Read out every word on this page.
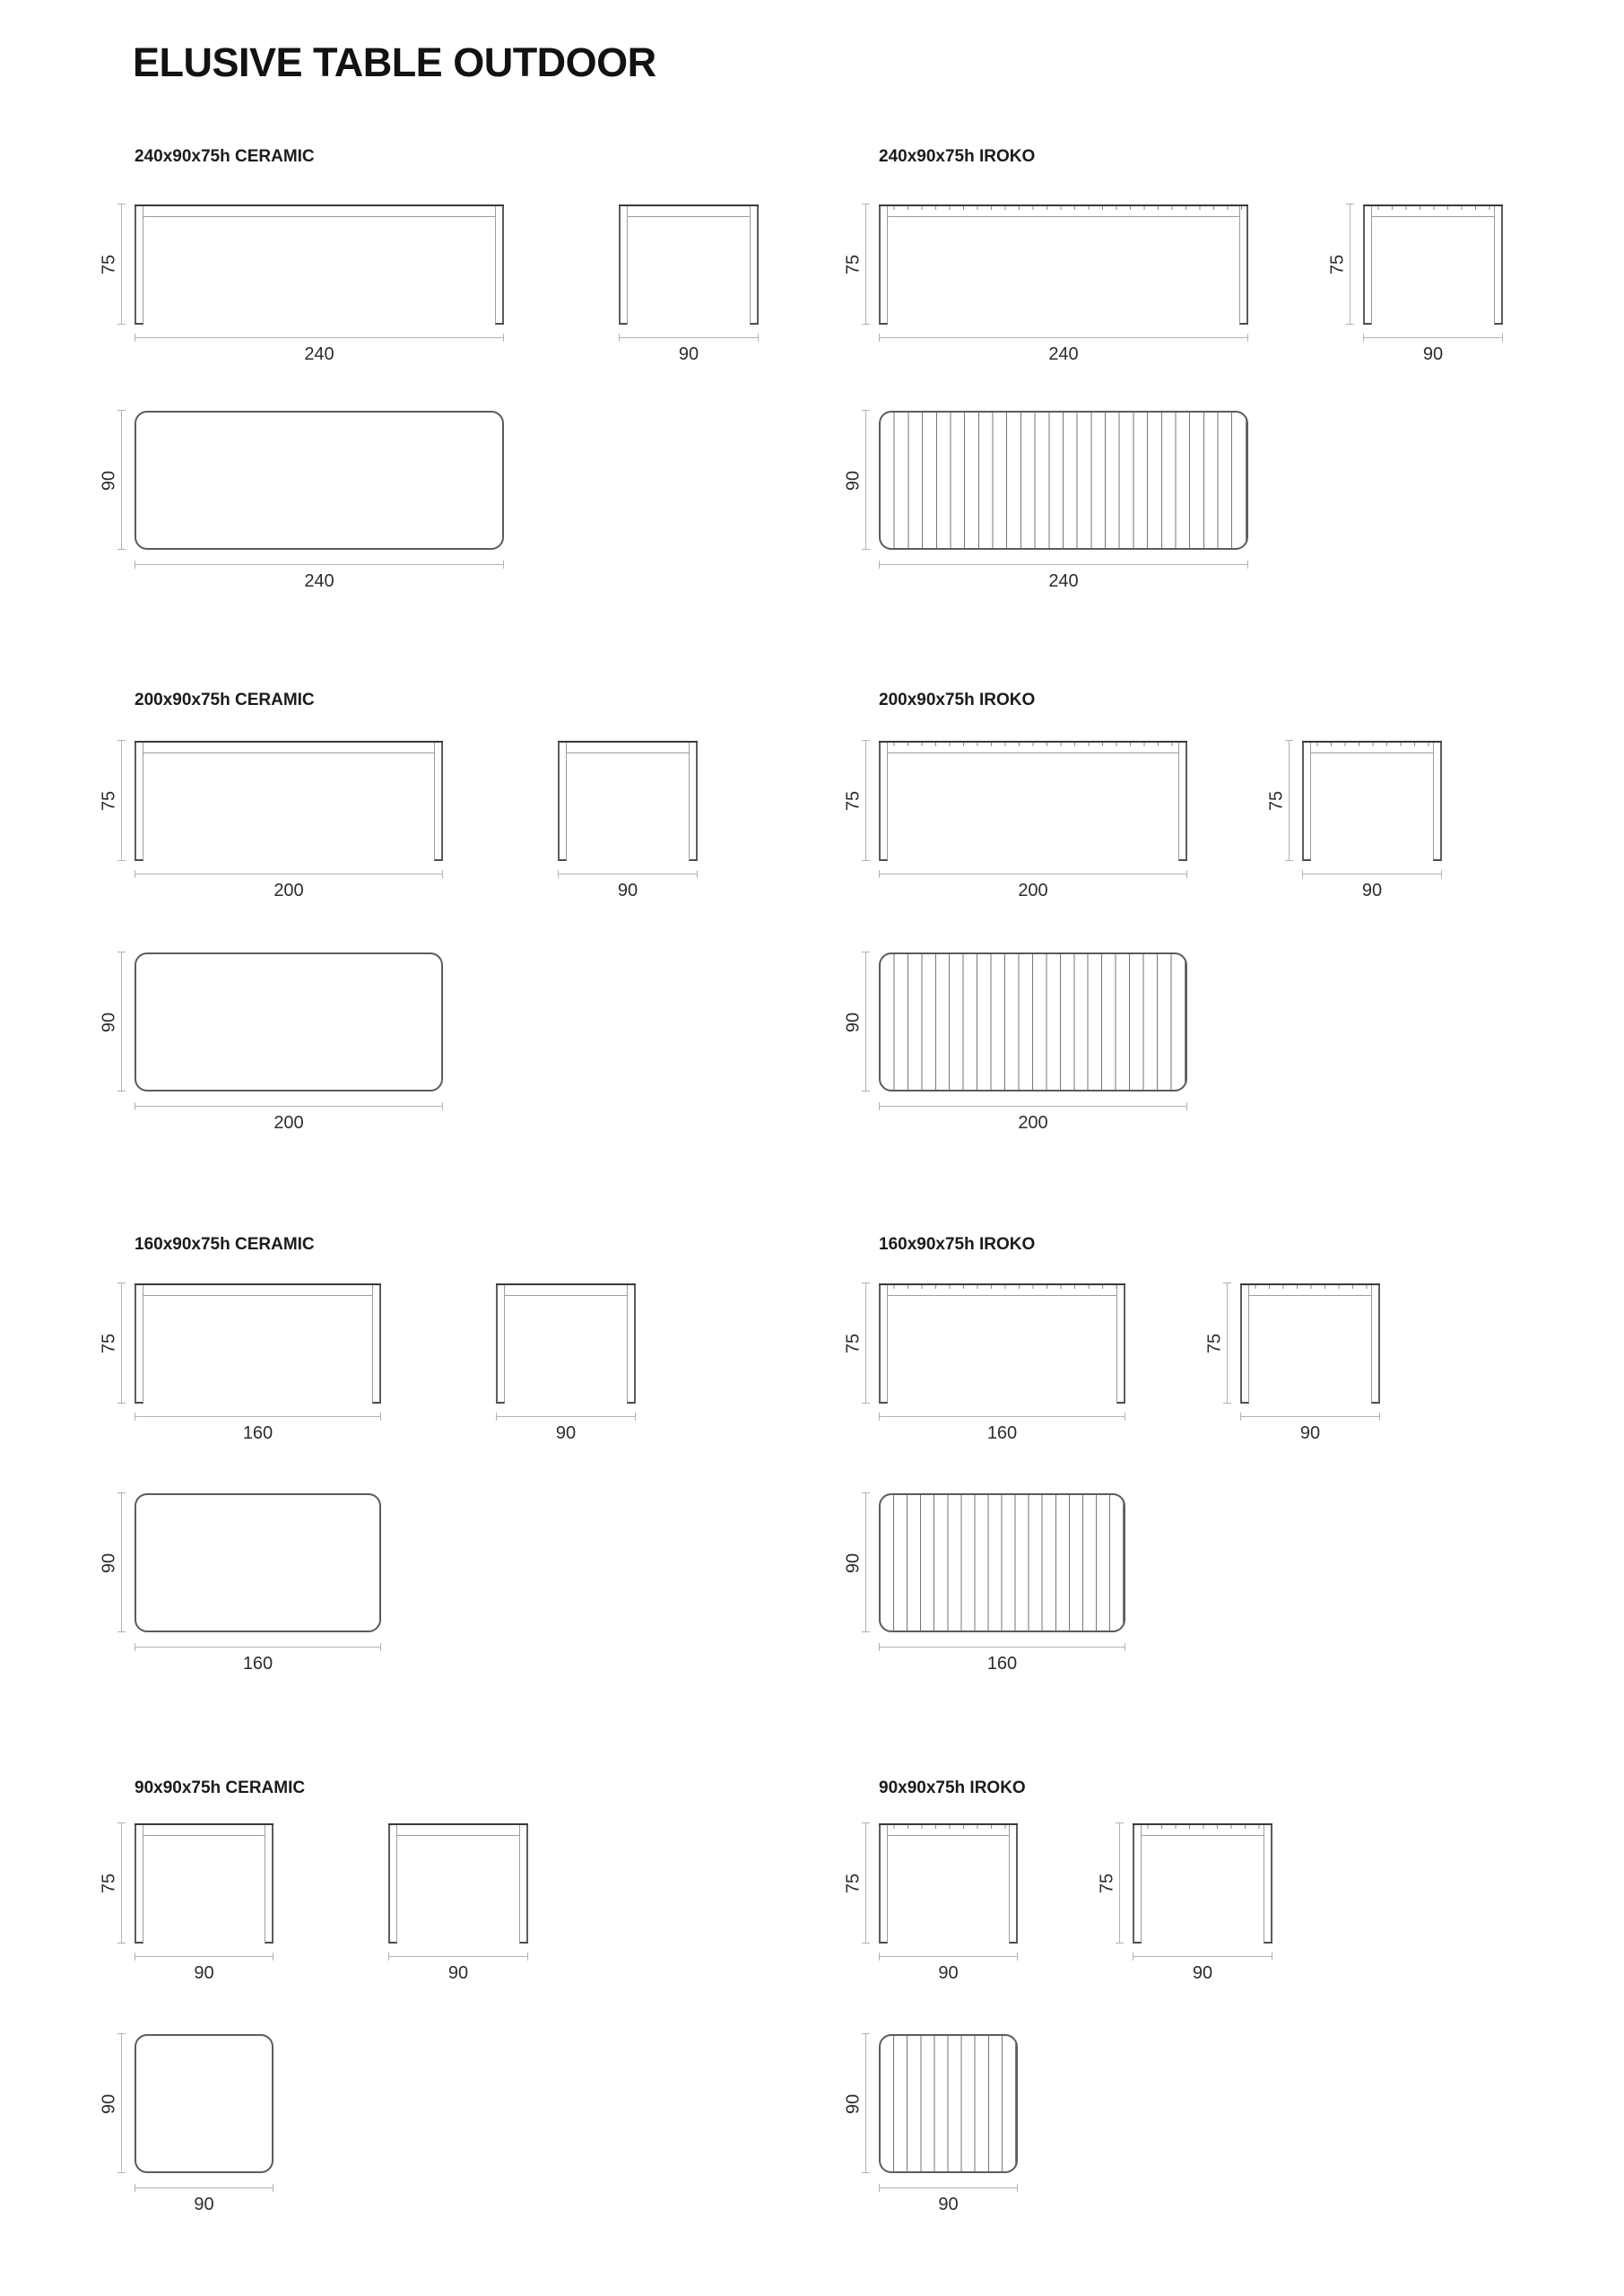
ELUSIVE TABLE OUTDOOR
240x90x75h CERAMIC
75
240	90
90
240
240x90x75h IROKO
75
240
75
90
90
240
200x90x75h CERAMIC
75
200	90
90
200
200x90x75h IROKO
75
200
75
90
90
200
160x90x75h CERAMIC
75
160	90
90
160
160x90x75h IROKO
75
160
75
90
90
160
90x90x75h CERAMIC
75
90	90
90
90
90x90x75h IROKO
75
90
75
90
90
90
